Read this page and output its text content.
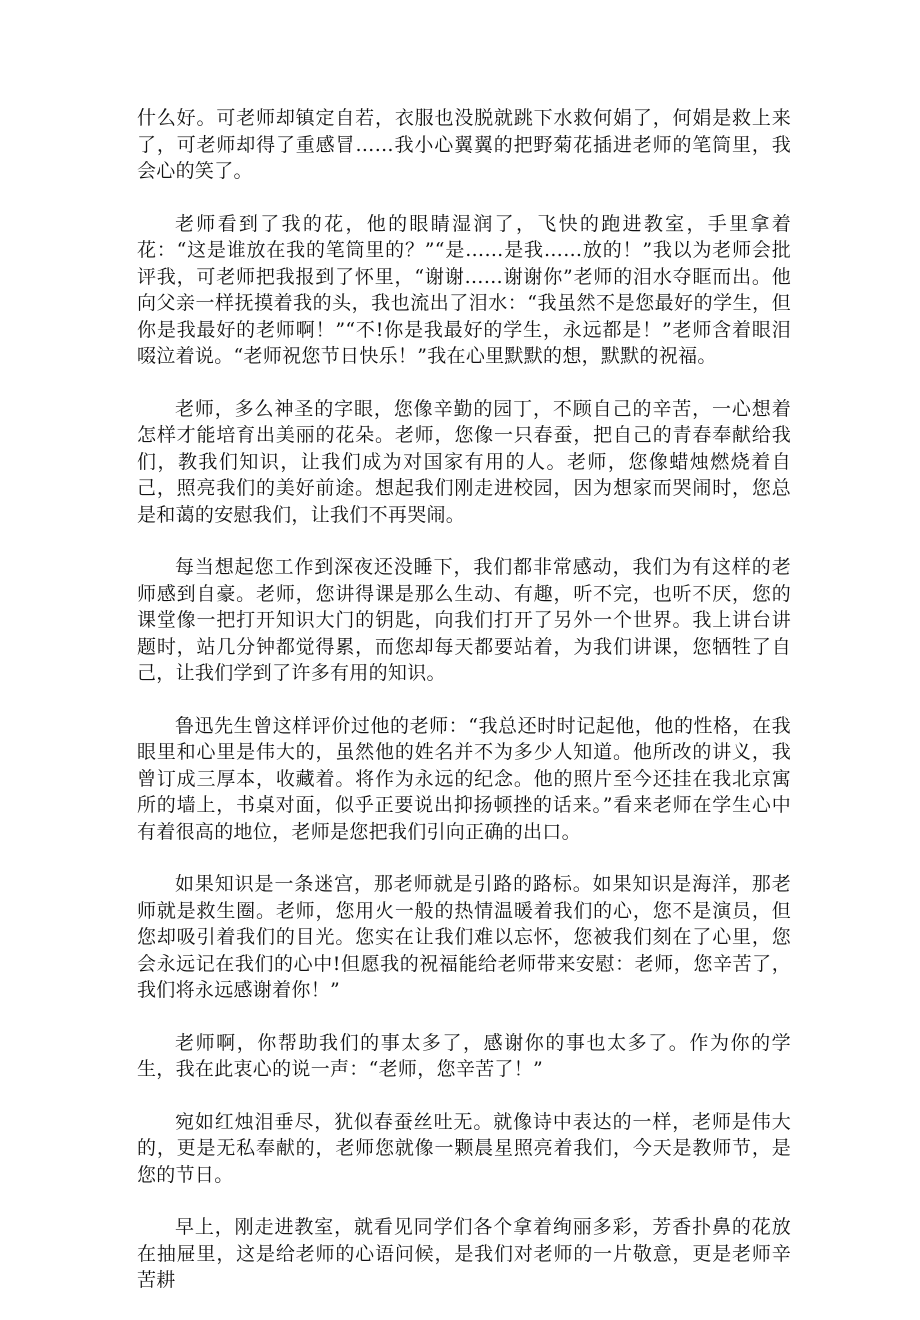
什么好。可老师却镇定自若，衣服也没脱就跳下水救何娟了，何娟是救上来了，可老师却得了重感冒……我小心翼翼的把野菊花插进老师的笔筒里，我会心的笑了。

老师看到了我的花，他的眼睛湿润了，飞快的跑进教室，手里拿着花：“这是谁放在我的笔筒里的？”“是……是我……放的！”我以为老师会批评我，可老师把我报到了怀里，“谢谢……谢谢你”老师的泪水夺眶而出。他向父亲一样抚摸着我的头，我也流出了泪水：“我虽然不是您最好的学生，但你是我最好的老师啊！”“不!你是我最好的学生，永远都是！”老师含着眼泪啜泣着说。“老师祝您节日快乐！”我在心里默默的想，默默的祝福。

老师，多么神圣的字眼，您像辛勤的园丁，不顾自己的辛苦，一心想着怎样才能培育出美丽的花朵。老师，您像一只春蚕，把自己的青春奉献给我们，教我们知识，让我们成为对国家有用的人。老师，您像蜡烛燃烧着自己，照亮我们的美好前途。想起我们刚走进校园，因为想家而哭闹时，您总是和蔼的安慰我们，让我们不再哭闹。

每当想起您工作到深夜还没睡下，我们都非常感动，我们为有这样的老师感到自豪。老师，您讲得课是那么生动、有趣，听不完，也听不厌，您的课堂像一把打开知识大门的钥匙，向我们打开了另外一个世界。我上讲台讲题时，站几分钟都觉得累，而您却每天都要站着，为我们讲课，您牺牲了自己，让我们学到了许多有用的知识。

鲁迅先生曾这样评价过他的老师：“我总还时时记起他，他的性格，在我眼里和心里是伟大的，虽然他的姓名并不为多少人知道。他所改的讲义，我曾订成三厚本，收藏着。将作为永远的纪念。他的照片至今还挂在我北京寓所的墙上，书桌对面，似乎正要说出抑扬顿挫的话来。”看来老师在学生心中有着很高的地位，老师是您把我们引向正确的出口。

如果知识是一条迷宫，那老师就是引路的路标。如果知识是海洋，那老师就是救生圈。老师，您用火一般的热情温暖着我们的心，您不是演员，但您却吸引着我们的目光。您实在让我们难以忘怀，您被我们刻在了心里，您会永远记在我们的心中!但愿我的祝福能给老师带来安慰：老师，您辛苦了，我们将永远感谢着你！”

老师啊，你帮助我们的事太多了，感谢你的事也太多了。作为你的学生，我在此衷心的说一声：“老师，您辛苦了！”

宛如红烛泪垂尽，犹似春蚕丝吐无。就像诗中表达的一样，老师是伟大的，更是无私奉献的，老师您就像一颗晨星照亮着我们，今天是教师节，是您的节日。

早上，刚走进教室，就看见同学们各个拿着绚丽多彩，芳香扑鼻的花放在抽屉里，这是给老师的心语问候，是我们对老师的一片敬意，更是老师辛苦耕
